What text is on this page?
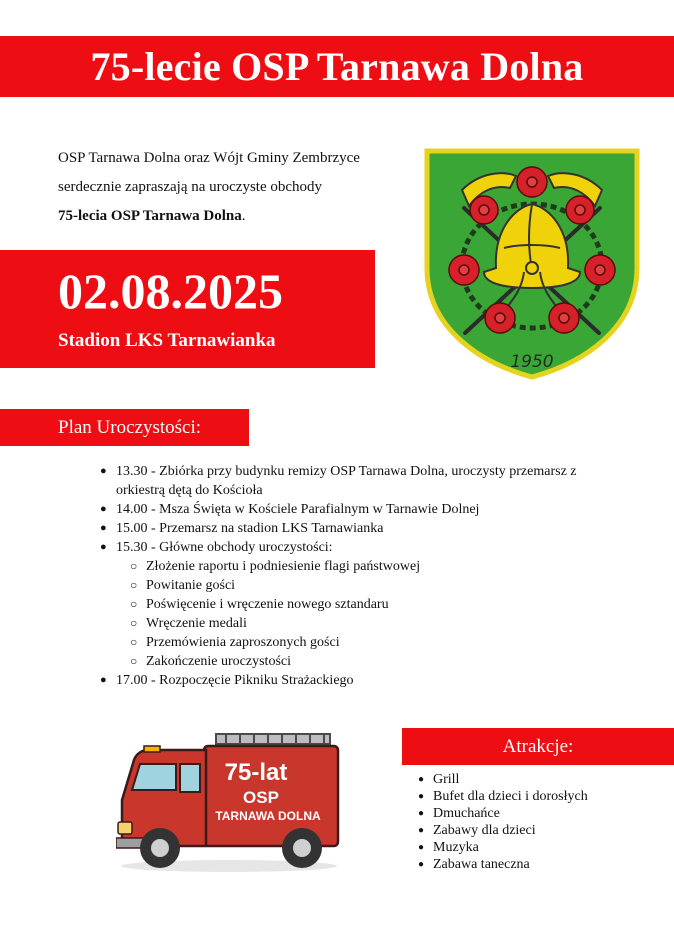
75-lecie OSP Tarnawa Dolna
OSP Tarnawa Dolna oraz Wójt Gminy Zembrzyce
serdecznie zapraszają na uroczyste obchody
75-lecia OSP Tarnawa Dolna.
02.08.2025
Stadion LKS Tarnawianka
1950
Plan Uroczystości:
● 13.30 - Zbiórka przy budynku remizy OSP Tarnawa Dolna, uroczysty przemarsz z orkiestrą dętą do Kościoła
● 14.00 - Msza Święta w Kościele Parafialnym w Tarnawie Dolnej
● 15.00 - Przemarsz na stadion LKS Tarnawianka
● 15.30 - Główne obchody uroczystości:
○ Złożenie raportu i podniesienie flagi państwowej
○ Powitanie gości
○ Poświęcenie i wręczenie nowego sztandaru
○ Wręczenie medali
○ Przemówienia zaproszonych gości
○ Zakończenie uroczystości
● 17.00 - Rozpoczęcie Pikniku Strażackiego
75-lat
OSP
TARNAWA DOLNA
Atrakcje:
● Grill
● Bufet dla dzieci i dorosłych
● Dmuchańce
● Zabawy dla dzieci
● Muzyka
● Zabawa taneczna
